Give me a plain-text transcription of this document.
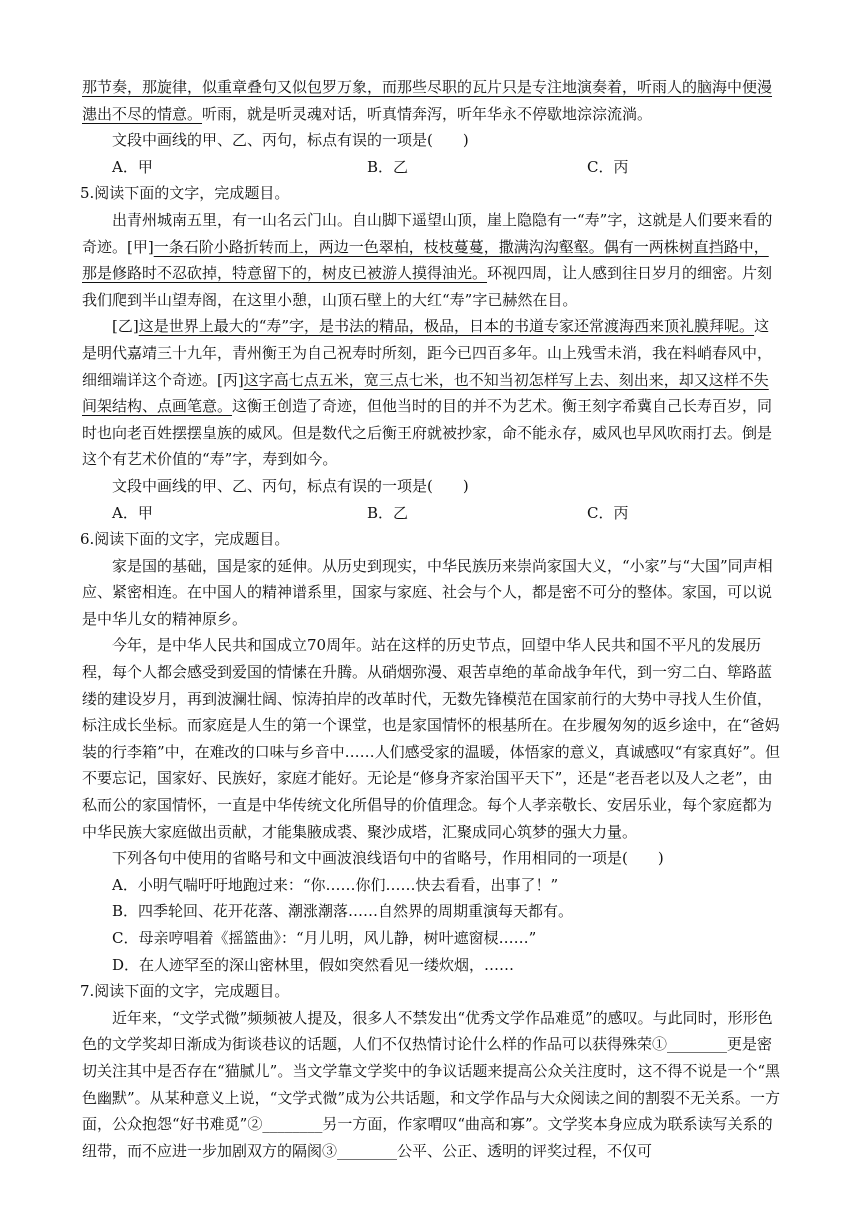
那节奏，那旋律，似重章叠句又似包罗万象，而那些尽职的瓦片只是专注地演奏着，听雨人的脑海中便漫漶出不尽的情意。听雨，就是听灵魂对话，听真情奔泻，听年华永不停歇地淙淙流淌。

文段中画线的甲、乙、丙句，标点有误的一项是(　　)

A．甲	B．乙	C．丙

5.阅读下面的文字，完成题目。

出青州城南五里，有一山名云门山。自山脚下遥望山顶，崖上隐隐有一“寿”字，这就是人们要来看的奇迹。[甲]一条石阶小路折转而上，两边一色翠柏，枝枝蔓蔓，撒满沟沟壑壑。偶有一两株树直挡路中，那是修路时不忍砍掉，特意留下的，树皮已被游人摸得油光。环视四周，让人感到往日岁月的细密。片刻我们爬到半山望寿阁，在这里小憩，山顶石壁上的大红“寿”字已赫然在目。

[乙]这是世界上最大的“寿”字，是书法的精品，极品，日本的书道专家还常渡海西来顶礼膜拜呢。这是明代嘉靖三十九年，青州衡王为自己祝寿时所刻，距今已四百多年。山上残雪未消，我在料峭春风中，细细端详这个奇迹。[丙]这字高七点五米，宽三点七米，也不知当初怎样写上去、刻出来，却又这样不失间架结构、点画笔意。这衡王创造了奇迹，但他当时的目的并不为艺术。衡王刻字希冀自己长寿百岁，同时也向老百姓摆摆皇族的威风。但是数代之后衡王府就被抄家，命不能永存，威风也早风吹雨打去。倒是这个有艺术价值的“寿”字，寿到如今。

文段中画线的甲、乙、丙句，标点有误的一项是(　　)

A．甲	B．乙	C．丙

6.阅读下面的文字，完成题目。

家是国的基础，国是家的延伸。从历史到现实，中华民族历来崇尚家国大义，“小家”与“大国”同声相应、紧密相连。在中国人的精神谱系里，国家与家庭、社会与个人，都是密不可分的整体。家国，可以说是中华儿女的精神原乡。

今年，是中华人民共和国成立70周年。站在这样的历史节点，回望中华人民共和国不平凡的发展历程，每个人都会感受到爱国的情愫在升腾。从硝烟弥漫、艰苦卓绝的革命战争年代，到一穷二白、筚路蓝缕的建设岁月，再到波澜壮阔、惊涛拍岸的改革时代，无数先锋模范在国家前行的大势中寻找人生价值，标注成长坐标。而家庭是人生的第一个课堂，也是家国情怀的根基所在。在步履匆匆的返乡途中，在“爸妈装的行李箱”中，在难改的口味与乡音中……人们感受家的温暖，体悟家的意义，真诚感叹“有家真好”。但不要忘记，国家好、民族好，家庭才能好。无论是“修身齐家治国平天下”，还是“老吾老以及人之老”，由私而公的家国情怀，一直是中华传统文化所倡导的价值理念。每个人孝亲敬长、安居乐业，每个家庭都为中华民族大家庭做出贡献，才能集腋成裘、聚沙成塔，汇聚成同心筑梦的强大力量。

下列各句中使用的省略号和文中画波浪线语句中的省略号，作用相同的一项是(　　)

A．小明气喘吁吁地跑过来：“你……你们……快去看看，出事了！”

B．四季轮回、花开花落、潮涨潮落……自然界的周期重演每天都有。

C．母亲哼唱着《摇篮曲》：“月儿明，风儿静，树叶遮窗棂……”

D．在人迹罕至的深山密林里，假如突然看见一缕炊烟，……

7.阅读下面的文字，完成题目。

近年来，“文学式微”频频被人提及，很多人不禁发出“优秀文学作品难觅”的感叹。与此同时，形形色色的文学奖却日渐成为街谈巷议的话题，人们不仅热情讨论什么样的作品可以获得殊荣①________更是密切关注其中是否存在“猫腻儿”。当文学靠文学奖中的争议话题来提高公众关注度时，这不得不说是一个“黑色幽默”。从某种意义上说，“文学式微”成为公共话题，和文学作品与大众阅读之间的割裂不无关系。一方面，公众抱怨“好书难觅”②________另一方面，作家喟叹“曲高和寡”。文学奖本身应成为联系读写关系的纽带，而不应进一步加剧双方的隔阂③________公平、公正、透明的评奖过程，不仅可
